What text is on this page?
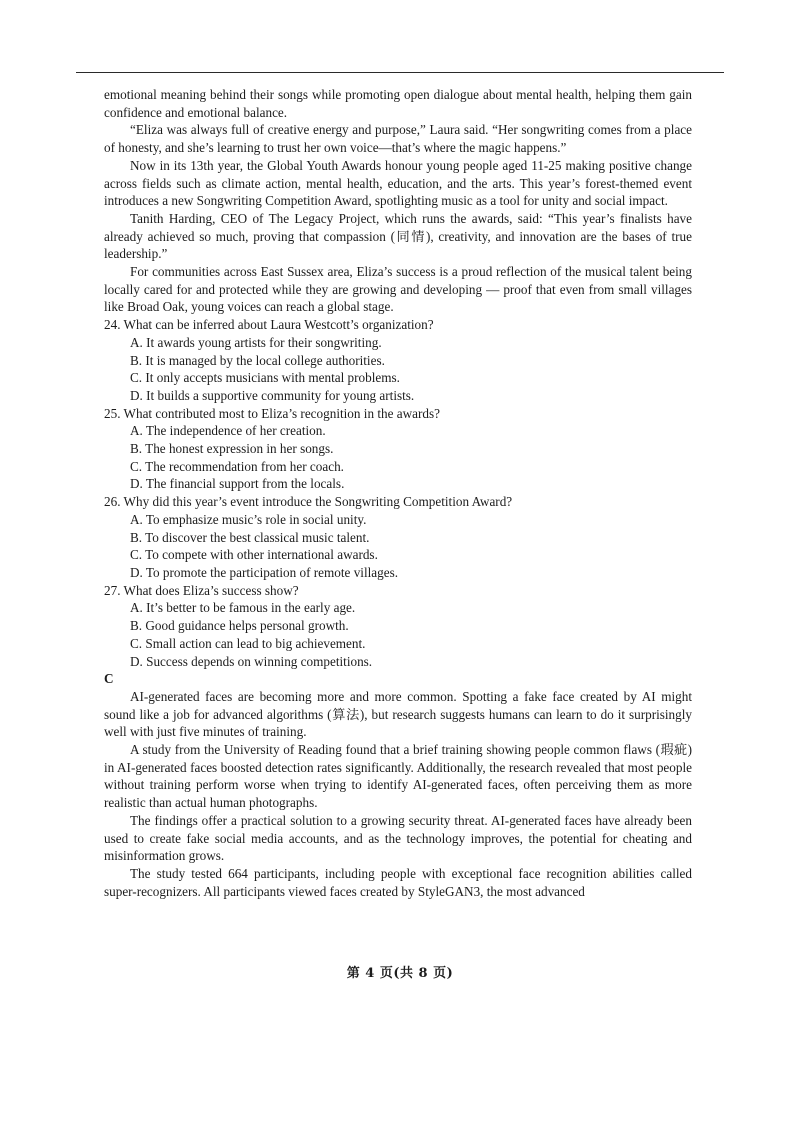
emotional meaning behind their songs while promoting open dialogue about mental health, helping them gain confidence and emotional balance.

“Eliza was always full of creative energy and purpose,” Laura said. “Her songwriting comes from a place of honesty, and she’s learning to trust her own voice—that’s where the magic happens.”

Now in its 13th year, the Global Youth Awards honour young people aged 11-25 making positive change across fields such as climate action, mental health, education, and the arts. This year’s forest-themed event introduces a new Songwriting Competition Award, spotlighting music as a tool for unity and social impact.

Tanith Harding, CEO of The Legacy Project, which runs the awards, said: “This year’s finalists have already achieved so much, proving that compassion (同情), creativity, and innovation are the bases of true leadership.”

For communities across East Sussex area, Eliza’s success is a proud reflection of the musical talent being locally cared for and protected while they are growing and developing — proof that even from small villages like Broad Oak, young voices can reach a global stage.

24. What can be inferred about Laura Westcott’s organization?

A. It awards young artists for their songwriting.
B. It is managed by the local college authorities.
C. It only accepts musicians with mental problems.
D. It builds a supportive community for young artists.

25. What contributed most to Eliza’s recognition in the awards?

A. The independence of her creation.
B. The honest expression in her songs.
C. The recommendation from her coach.
D. The financial support from the locals.

26. Why did this year’s event introduce the Songwriting Competition Award?

A. To emphasize music’s role in social unity.
B. To discover the best classical music talent.
C. To compete with other international awards.
D. To promote the participation of remote villages.

27. What does Eliza’s success show?

A. It’s better to be famous in the early age.
B. Good guidance helps personal growth.
C. Small action can lead to big achievement.
D. Success depends on winning competitions.

C

AI-generated faces are becoming more and more common. Spotting a fake face created by AI might sound like a job for advanced algorithms (算法), but research suggests humans can learn to do it surprisingly well with just five minutes of training.

A study from the University of Reading found that a brief training showing people common flaws (瑕疵) in AI-generated faces boosted detection rates significantly. Additionally, the research revealed that most people without training perform worse when trying to identify AI-generated faces, often perceiving them as more realistic than actual human photographs.

The findings offer a practical solution to a growing security threat. AI-generated faces have already been used to create fake social media accounts, and as the technology improves, the potential for cheating and misinformation grows.

The study tested 664 participants, including people with exceptional face recognition abilities called super-recognizers. All participants viewed faces created by StyleGAN3, the most advanced

第 4 页(共 8 页)
